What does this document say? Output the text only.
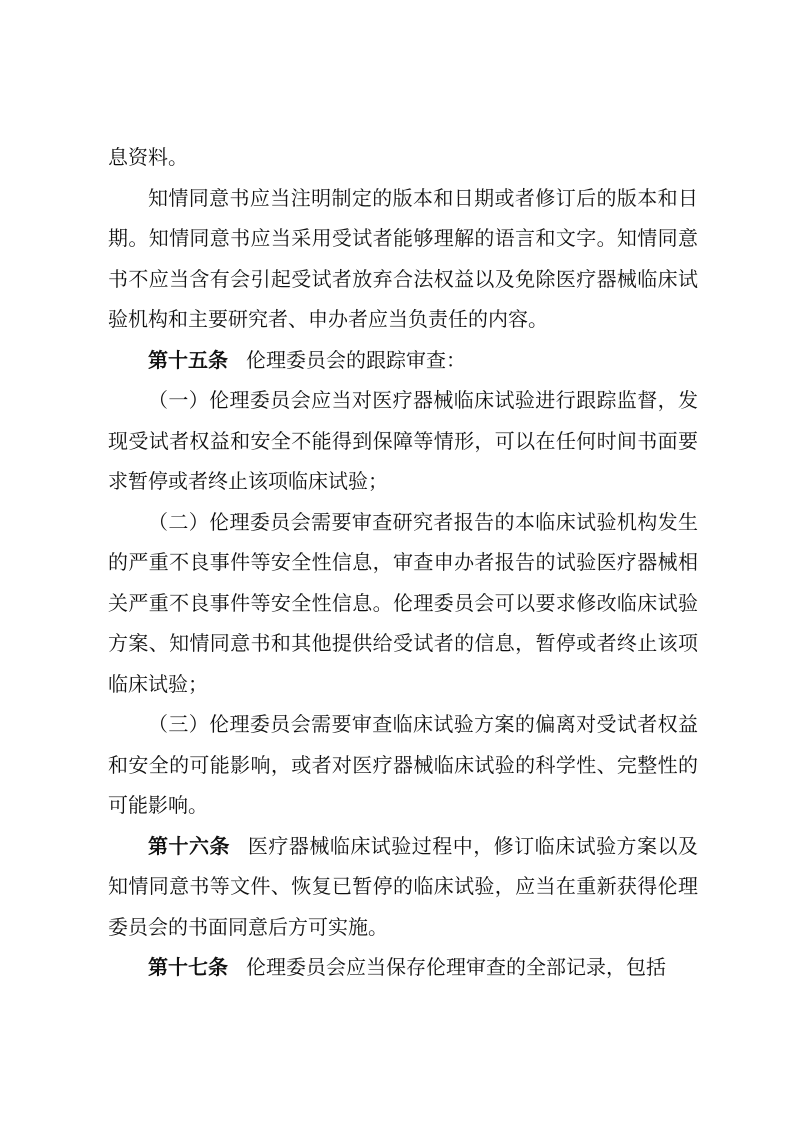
息资料。

知情同意书应当注明制定的版本和日期或者修订后的版本和日期。知情同意书应当采用受试者能够理解的语言和文字。知情同意书不应当含有会引起受试者放弃合法权益以及免除医疗器械临床试验机构和主要研究者、申办者应当负责任的内容。

第十五条 伦理委员会的跟踪审查：

（一）伦理委员会应当对医疗器械临床试验进行跟踪监督，发现受试者权益和安全不能得到保障等情形，可以在任何时间书面要求暂停或者终止该项临床试验；

（二）伦理委员会需要审查研究者报告的本临床试验机构发生的严重不良事件等安全性信息，审查申办者报告的试验医疗器械相关严重不良事件等安全性信息。伦理委员会可以要求修改临床试验方案、知情同意书和其他提供给受试者的信息，暂停或者终止该项临床试验；

（三）伦理委员会需要审查临床试验方案的偏离对受试者权益和安全的可能影响，或者对医疗器械临床试验的科学性、完整性的可能影响。

第十六条 医疗器械临床试验过程中，修订临床试验方案以及知情同意书等文件、恢复已暂停的临床试验，应当在重新获得伦理委员会的书面同意后方可实施。

第十七条 伦理委员会应当保存伦理审查的全部记录，包括
